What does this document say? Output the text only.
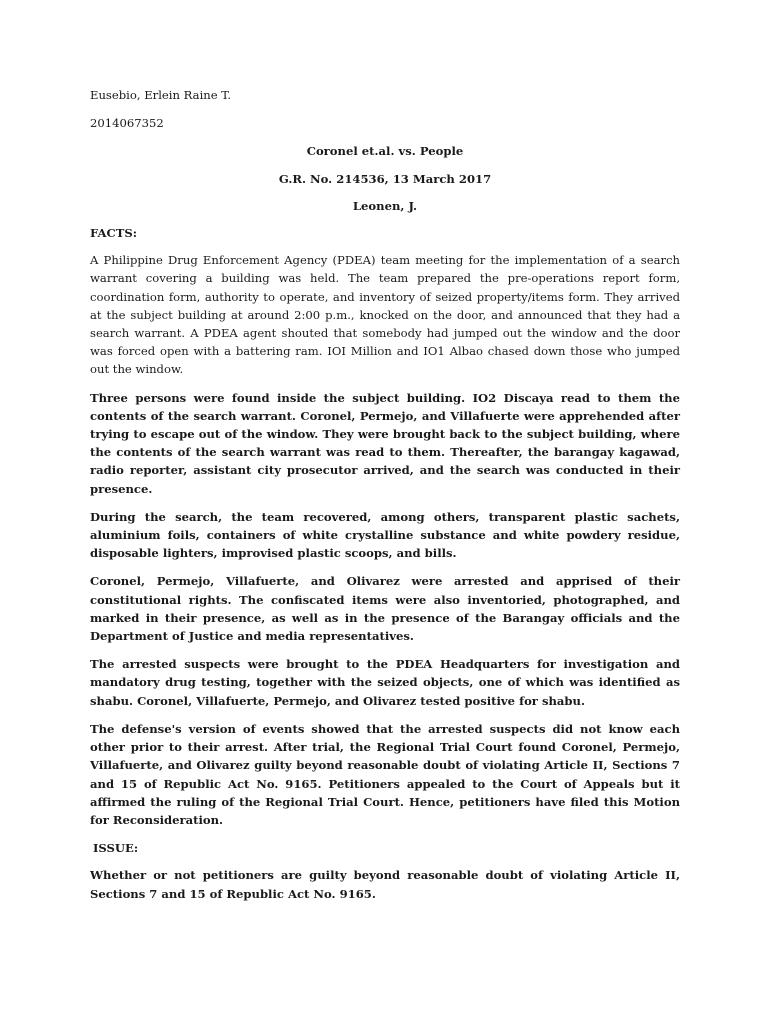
Eusebio, Erlein Raine T.

2014067352

Coronel et.al. vs. People

G.R. No. 214536, 13 March 2017

Leonen, J.

FACTS:

A Philippine Drug Enforcement Agency (PDEA) team meeting for the implementation of a search warrant covering a building was held. The team prepared the pre-operations report form, coordination form, authority to operate, and inventory of seized property/items form. They arrived at the subject building at around 2:00 p.m., knocked on the door, and announced that they had a search warrant. A PDEA agent shouted that somebody had jumped out the window and the door was forced open with a battering ram. IOI Million and IO1 Albao chased down those who jumped out the window.

Three persons were found inside the subject building. IO2 Discaya read to them the contents of the search warrant. Coronel, Permejo, and Villafuerte were apprehended after trying to escape out of the window. They were brought back to the subject building, where the contents of the search warrant was read to them. Thereafter, the barangay kagawad, radio reporter, assistant city prosecutor arrived, and the search was conducted in their presence.

During the search, the team recovered, among others, transparent plastic sachets, aluminium foils, containers of white crystalline substance and white powdery residue, disposable lighters, improvised plastic scoops, and bills.

Coronel, Permejo, Villafuerte, and Olivarez were arrested and apprised of their constitutional rights. The confiscated items were also inventoried, photographed, and marked in their presence, as well as in the presence of the Barangay officials and the Department of Justice and media representatives.

The arrested suspects were brought to the PDEA Headquarters for investigation and mandatory drug testing, together with the seized objects, one of which was identified as shabu. Coronel, Villafuerte, Permejo, and Olivarez tested positive for shabu.

The defense's version of events showed that the arrested suspects did not know each other prior to their arrest. After trial, the Regional Trial Court found Coronel, Permejo, Villafuerte, and Olivarez guilty beyond reasonable doubt of violating Article II, Sections 7 and 15 of Republic Act No. 9165. Petitioners appealed to the Court of Appeals but it affirmed the ruling of the Regional Trial Court. Hence, petitioners have filed this Motion for Reconsideration.

ISSUE:

Whether or not petitioners are guilty beyond reasonable doubt of violating Article II, Sections 7 and 15 of Republic Act No. 9165.
